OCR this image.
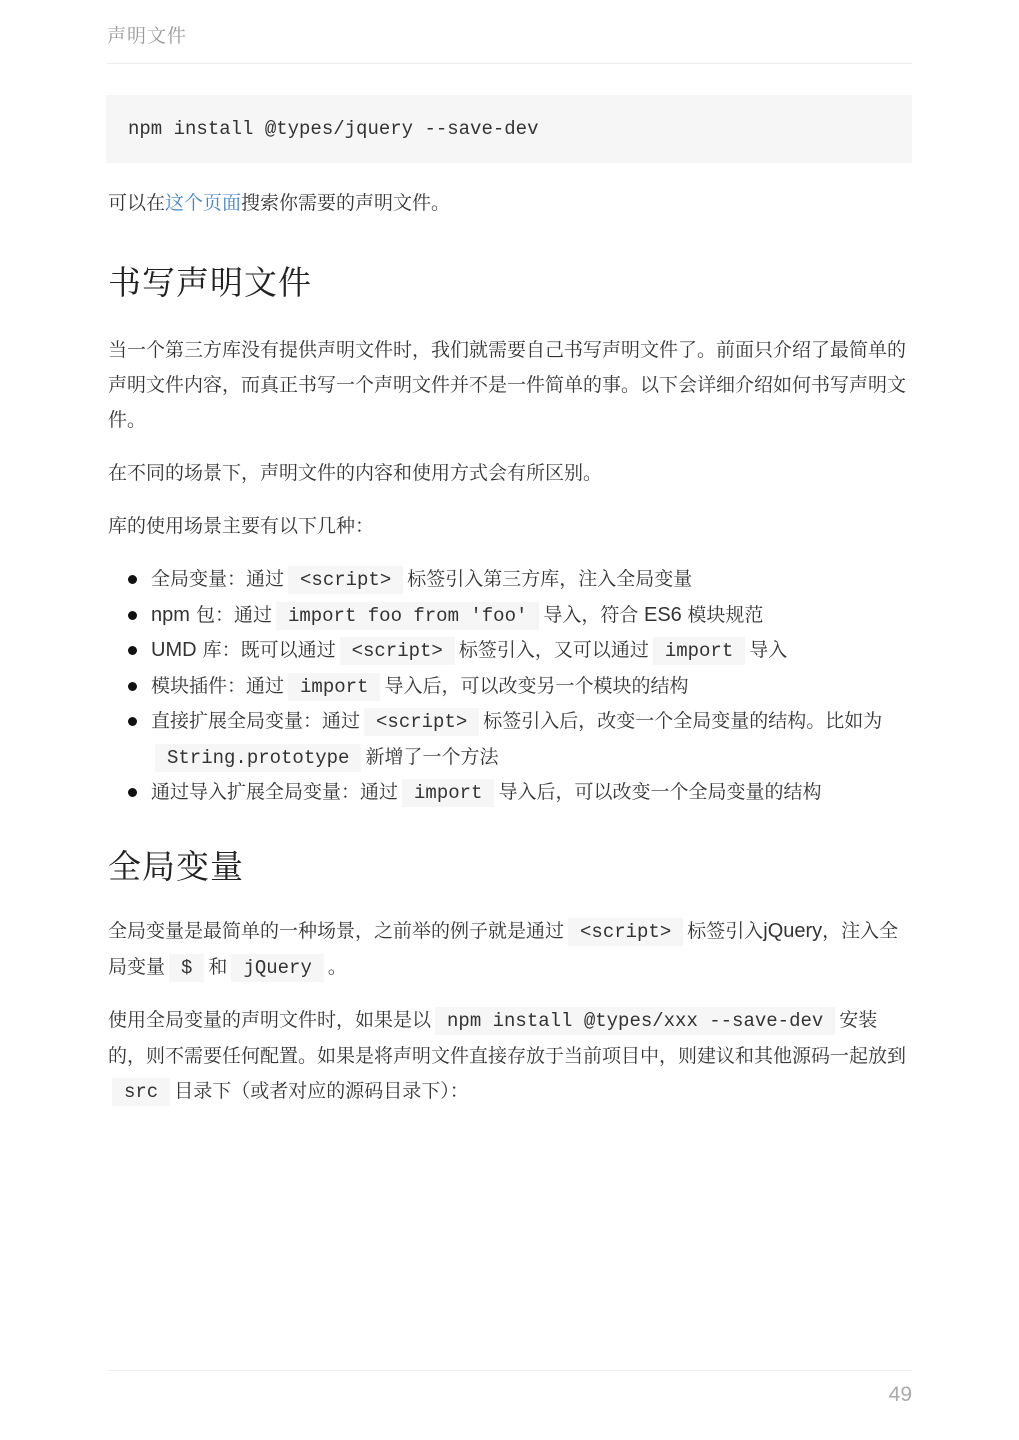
声明文件
npm install @types/jquery --save-dev

可以在这个页面搜索你需要的声明文件。

书写声明文件

当一个第三方库没有提供声明文件时，我们就需要自己书写声明文件了。前面只介绍了最简单的声明文件内容，而真正书写一个声明文件并不是一件简单的事。以下会详细介绍如何书写声明文件。

在不同的场景下，声明文件的内容和使用方式会有所区别。

库的使用场景主要有以下几种：

全局变量：通过 <script> 标签引入第三方库，注入全局变量
npm 包：通过 import foo from 'foo' 导入，符合 ES6 模块规范
UMD 库：既可以通过 <script> 标签引入，又可以通过 import 导入
模块插件：通过 import 导入后，可以改变另一个模块的结构
直接扩展全局变量：通过 <script> 标签引入后，改变一个全局变量的结构。比如为String.prototype 新增了一个方法
通过导入扩展全局变量：通过 import 导入后，可以改变一个全局变量的结构
全局变量

全局变量是最简单的一种场景，之前举的例子就是通过 <script> 标签引入jQuery，注入全局变量 $ 和 jQuery 。

使用全局变量的声明文件时，如果是以 npm install @types/xxx --save-dev 安装的，则不需要任何配置。如果是将声明文件直接存放于当前项目中，则建议和其他源码一起放到src 目录下（或者对应的源码目录下）：

49
